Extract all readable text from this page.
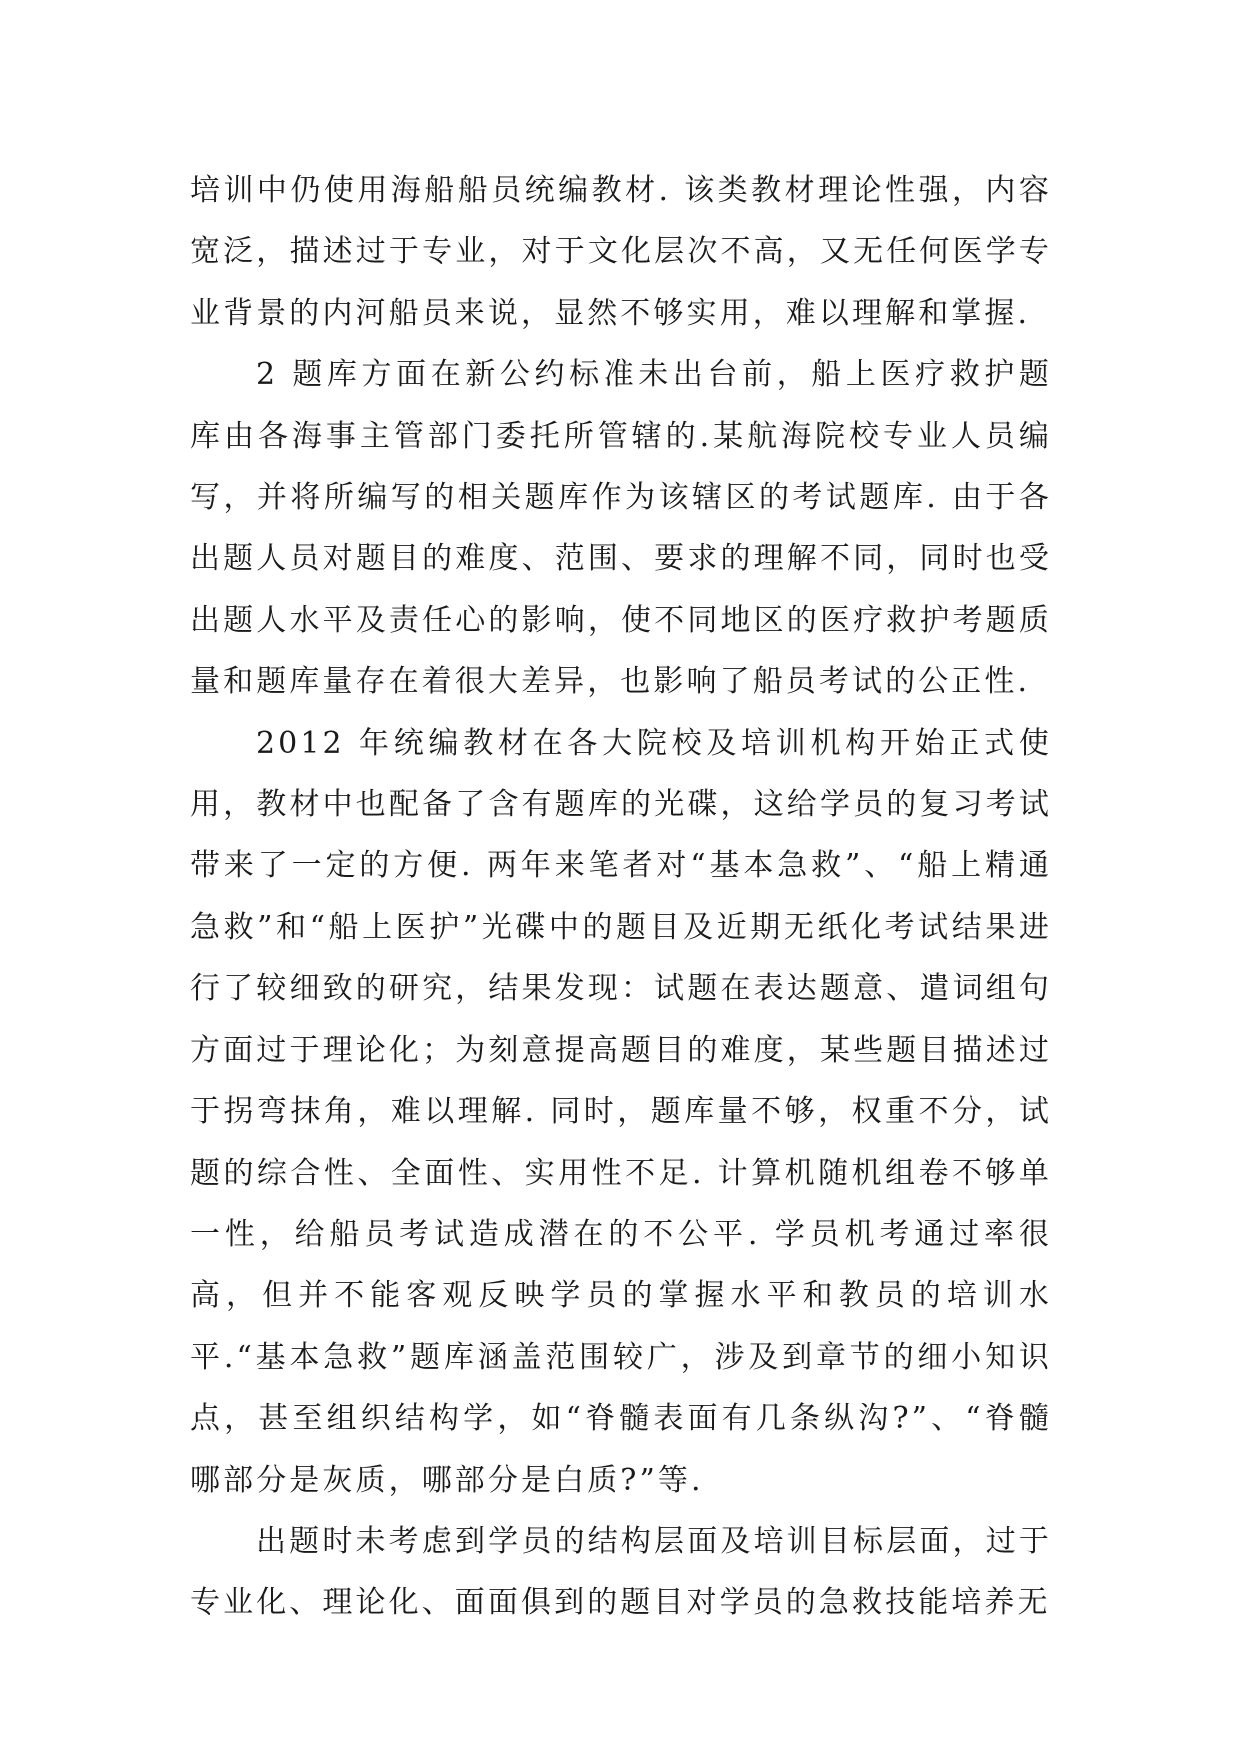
培训中仍使用海船船员统编教材. 该类教材理论性强，内容宽泛，描述过于专业，对于文化层次不高，又无任何医学专业背景的内河船员来说，显然不够实用，难以理解和掌握.

2 题库方面在新公约标准未出台前，船上医疗救护题库由各海事主管部门委托所管辖的.某航海院校专业人员编写，并将所编写的相关题库作为该辖区的考试题库. 由于各出题人员对题目的难度、范围、要求的理解不同，同时也受出题人水平及责任心的影响，使不同地区的医疗救护考题质量和题库量存在着很大差异，也影响了船员考试的公正性.

2012 年统编教材在各大院校及培训机构开始正式使用，教材中也配备了含有题库的光碟，这给学员的复习考试带来了一定的方便. 两年来笔者对“基本急救”、“船上精通急救”和“船上医护”光碟中的题目及近期无纸化考试结果进行了较细致的研究，结果发现：试题在表达题意、遣词组句方面过于理论化；为刻意提高题目的难度，某些题目描述过于拐弯抹角，难以理解. 同时，题库量不够，权重不分，试题的综合性、全面性、实用性不足. 计算机随机组卷不够单一性，给船员考试造成潜在的不公平. 学员机考通过率很高，但并不能客观反映学员的掌握水平和教员的培训水平.“基本急救”题库涵盖范围较广，涉及到章节的细小知识点，甚至组织结构学，如“脊髓表面有几条纵沟?”、“脊髓哪部分是灰质，哪部分是白质?”等.

出题时未考虑到学员的结构层面及培训目标层面，过于专业化、理论化、面面俱到的题目对学员的急救技能培养无
